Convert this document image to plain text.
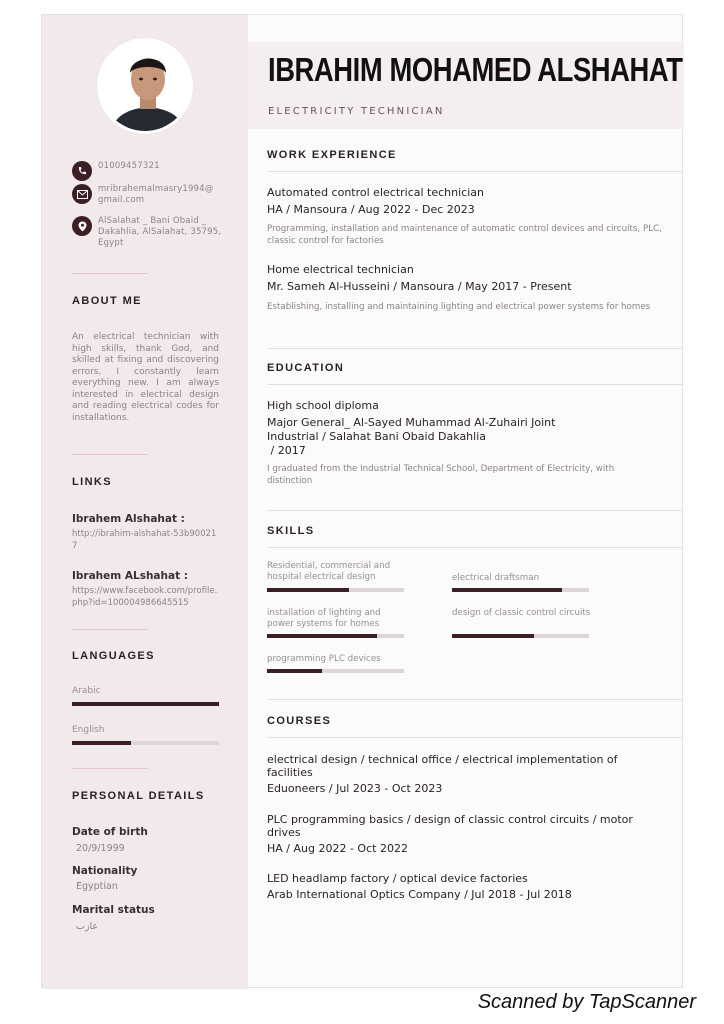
01009457321
mribrahemalmasry1994@gmail.com
AlSalahat _ Bani Obaid _ Dakahlia, AlSalahat, 35795, Egypt
ABOUT ME
An electrical technician with high skills, thank God, and skilled at fixing and discovering errors, I constantly learn everything new. I am always interested in electrical design and reading electrical codes for installations.
LINKS
Ibrahem Alshahat :
http://ibrahim-alshahat-53b900217
Ibrahem ALshahat :
https://www.facebook.com/profile.php?id=100004986645515
LANGUAGES
Arabic
English
PERSONAL DETAILS
Date of birth
20/9/1999
Nationality
Egyptian
Marital status
عازب
IBRAHIM MOHAMED ALSHAHAT
ELECTRICITY TECHNICIAN
WORK EXPERIENCE
Automated control electrical technician
HA / Mansoura / Aug 2022 - Dec 2023
Programming, installation and maintenance of automatic control devices and circuits, PLC, classic control for factories
Home electrical technician
Mr. Sameh Al-Husseini / Mansoura / May 2017 - Present
Establishing, installing and maintaining lighting and electrical power systems for homes
EDUCATION
High school diploma
Major General_ Al-Sayed Muhammad Al-Zuhairi Joint
Industrial / Salahat Bani Obaid Dakahlia
/ 2017
I graduated from the Industrial Technical School, Department of Electricity, with distinction
SKILLS
Residential, commercial and hospital electrical design	electrical draftsman
installation of lighting and power systems for homes
design of classic control circuits
programming PLC devices
COURSES
electrical design / technical office / electrical implementation of facilities
Eduoneers / Jul 2023 - Oct 2023
PLC programming basics / design of classic control circuits / motor drives
HA / Aug 2022 - Oct 2022
LED headlamp factory / optical device factories
Arab International Optics Company / Jul 2018 - Jul 2018
Scanned by TapScanner
